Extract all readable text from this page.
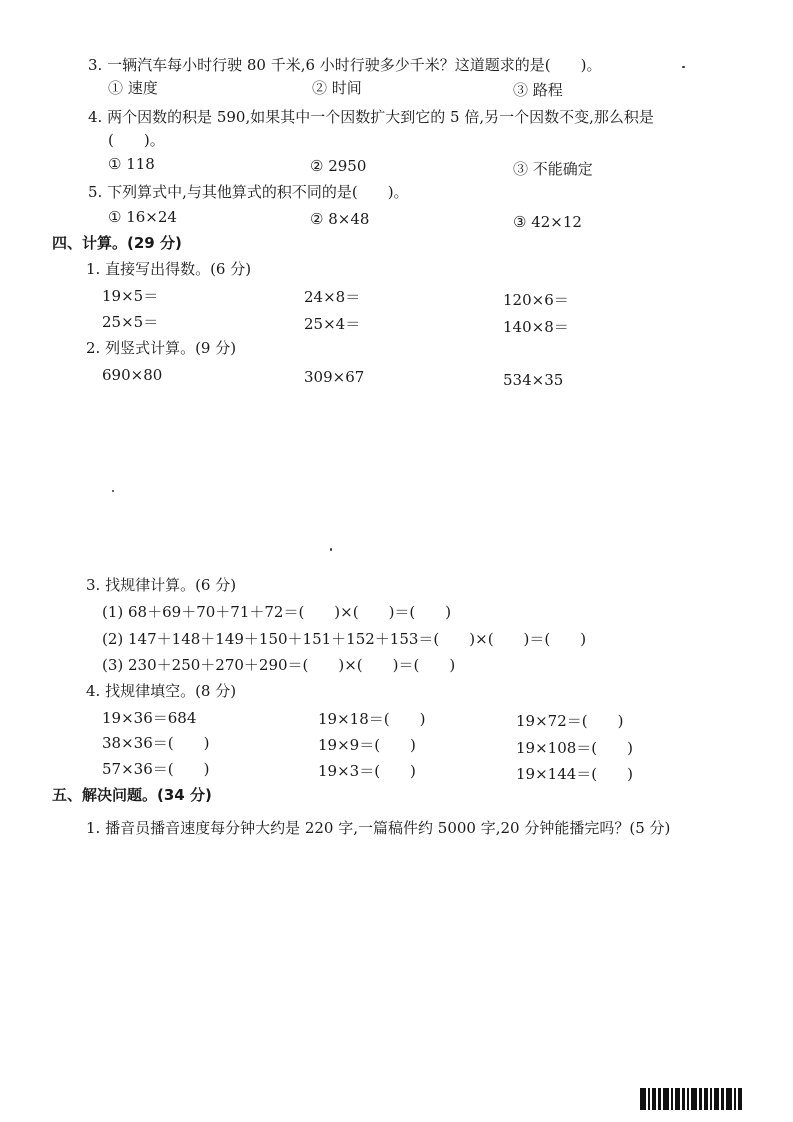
3. 一辆汽车每小时行驶 80 千米,6 小时行驶多少千米？这道题求的是(　　)。
① 速度	② 时间	③ 路程
4. 两个因数的积是 590,如果其中一个因数扩大到它的 5 倍,另一个因数不变,那么积是
(　　)。
① 118	② 2950	③ 不能确定
5. 下列算式中,与其他算式的积不同的是(　　)。
① 16×24	② 8×48	③ 42×12
四、计算。(29 分)
1. 直接写出得数。(6 分)
19×5＝	24×8＝	120×6＝
25×5＝	25×4＝	140×8＝
2. 列竖式计算。(9 分)
690×80	309×67	534×35
3. 找规律计算。(6 分)
(1) 68＋69＋70＋71＋72＝(　　)×(　　)＝(　　)
(2) 147＋148＋149＋150＋151＋152＋153＝(　　)×(　　)＝(　　)
(3) 230＋250＋270＋290＝(　　)×(　　)＝(　　)
4. 找规律填空。(8 分)
19×36＝684	19×18＝(　　)	19×72＝(　　)
38×36＝(　　)	19×9＝(　　)	19×108＝(　　)
57×36＝(　　)	19×3＝(　　)	19×144＝(　　)
五、解决问题。(34 分)
1. 播音员播音速度每分钟大约是 220 字,一篇稿件约 5000 字,20 分钟能播完吗？(5 分)
